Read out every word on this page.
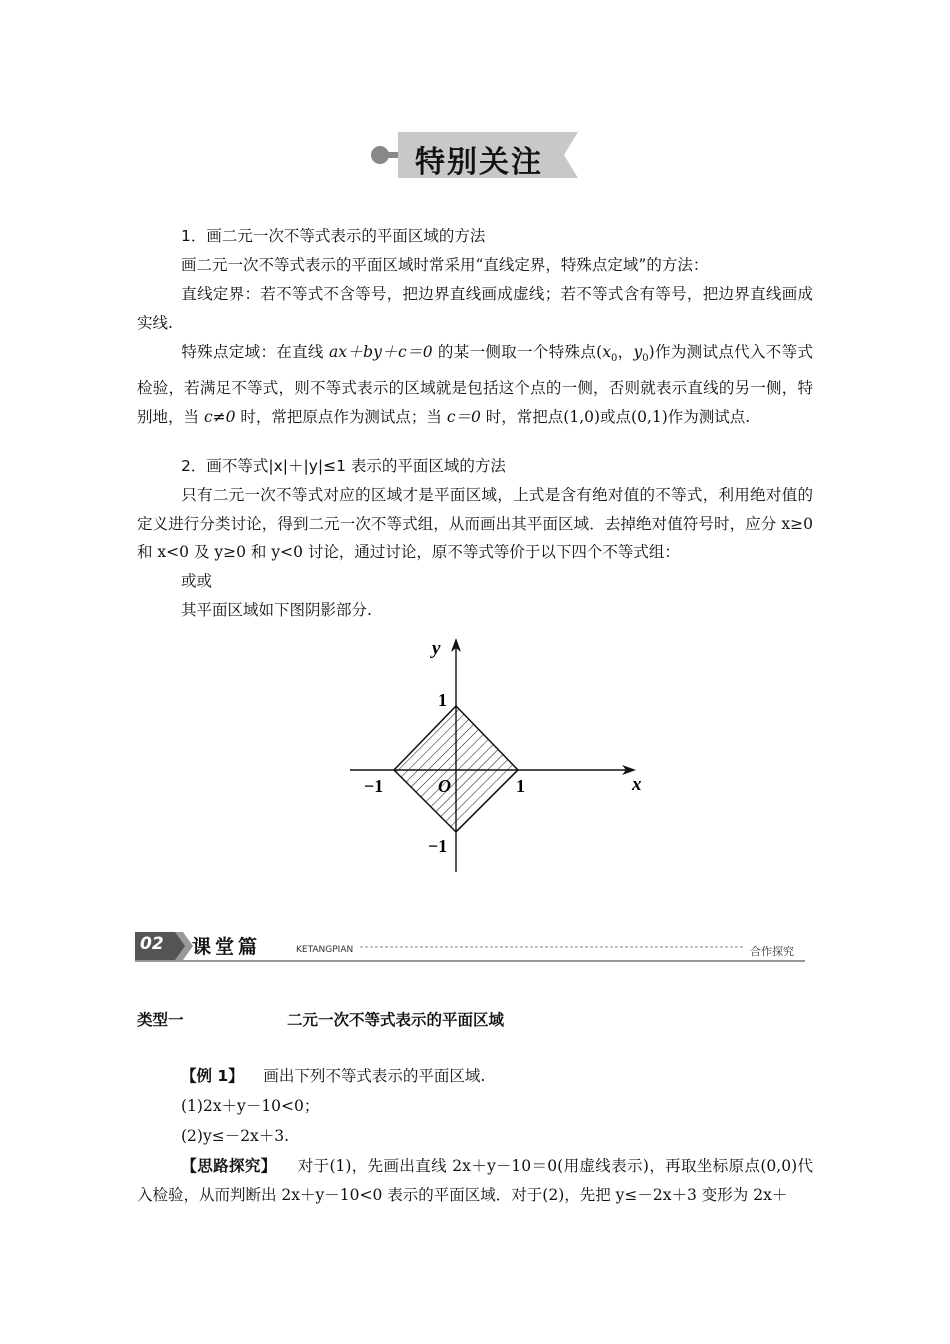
特别关注
1．画二元一次不等式表示的平面区域的方法
画二元一次不等式表示的平面区域时常采用“直线定界，特殊点定域”的方法：
直线定界：若不等式不含等号，把边界直线画成虚线；若不等式含有等号，把边界直线画成实线.
特殊点定域：在直线 ax＋by＋c＝0 的某一侧取一个特殊点($x_0$，$y_0$)作为测试点代入不等式检验，若满足不等式，则不等式表示的区域就是包括这个点的一侧，否则就表示直线的另一侧，特别地，当 c≠0 时，常把原点作为测试点；当 c＝0 时，常把点(1,0)或点(0,1)作为测试点.
2．画不等式|x|＋|y|≤1 表示的平面区域的方法
只有二元一次不等式对应的区域才是平面区域，上式是含有绝对值的不等式，利用绝对值的定义进行分类讨论，得到二元一次不等式组，从而画出其平面区域．去掉绝对值符号时，应分 x≥0 和 x<0 及 y≥0 和 y<0 讨论，通过讨论，原不等式等价于以下四个不等式组：
或或
其平面区域如下图阴影部分.
y
x
O	1
−1
1
−1
02 课堂篇	KETANGPIAN	合作探究
类型一	二元一次不等式表示的平面区域
【例 1】 画出下列不等式表示的平面区域.
(1)2x＋y－10<0；
(2)y≤－2x＋3.
【思路探究】 对于(1)，先画出直线 2x＋y－10＝0(用虚线表示)，再取坐标原点(0,0)代入检验，从而判断出 2x＋y－10<0 表示的平面区域．对于(2)，先把 y≤－2x＋3 变形为 2x＋
